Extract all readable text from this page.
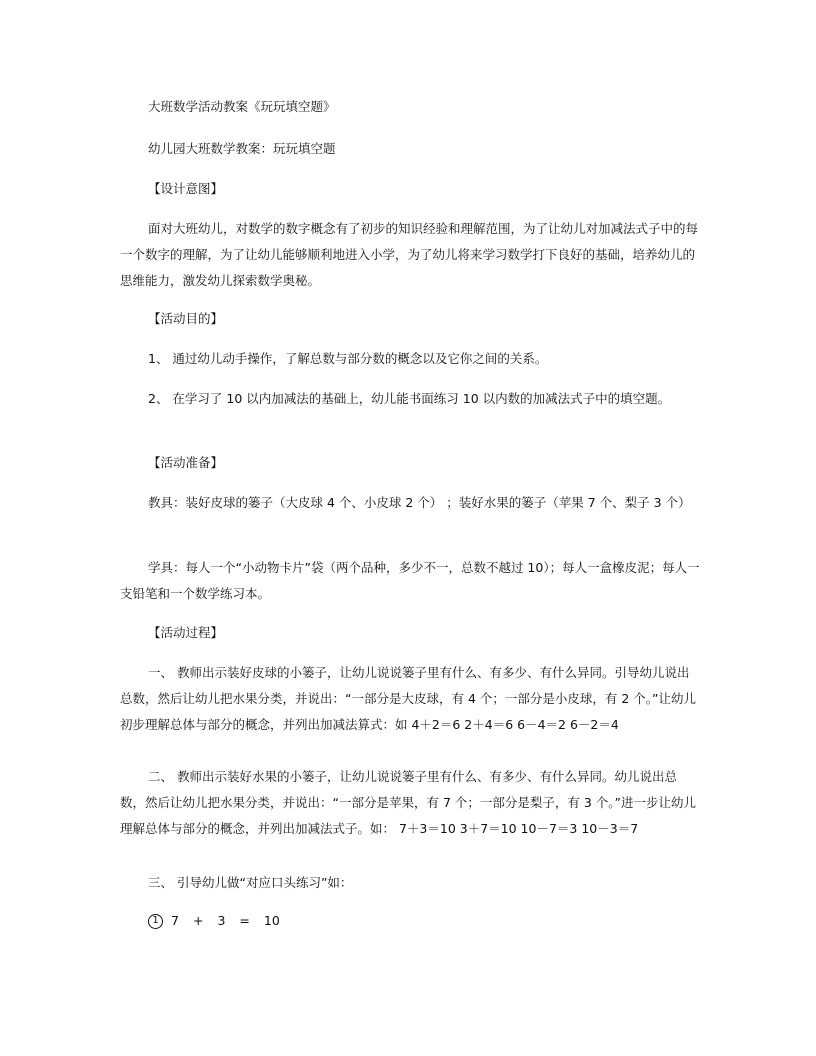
大班数学活动教案《玩玩填空题》

幼儿园大班数学教案：玩玩填空题

【设计意图】

面对大班幼儿，对数学的数字概念有了初步的知识经验和理解范围，为了让幼儿对加减法式子中的每一个数字的理解，为了让幼儿能够顺利地进入小学，为了幼儿将来学习数学打下良好的基础，培养幼儿的思维能力，激发幼儿探索数学奥秘。

【活动目的】

1、 通过幼儿动手操作，了解总数与部分数的概念以及它你之间的关系。

2、 在学习了 10 以内加减法的基础上，幼儿能书面练习 10 以内数的加减法式子中的填空题。

【活动准备】

教具：装好皮球的篓子（大皮球 4 个、小皮球 2 个） ；装好水果的篓子（苹果 7 个、梨子 3 个）

学具：每人一个“小动物卡片”袋（两个品种，多少不一，总数不越过 10）；每人一盒橡皮泥；每人一支铅笔和一个数学练习本。

【活动过程】

一、 教师出示装好皮球的小篓子，让幼儿说说篓子里有什么、有多少、有什么异同。引导幼儿说出总数，然后让幼儿把水果分类，并说出：“一部分是大皮球，有 4 个；一部分是小皮球，有 2 个。”让幼儿初步理解总体与部分的概念，并列出加减法算式：如 4＋2＝6 2＋4＝6 6－4＝2 6－2＝4

二、 教师出示装好水果的小篓子，让幼儿说说篓子里有什么、有多少、有什么异同。幼儿说出总数，然后让幼儿把水果分类，并说出：“一部分是苹果，有 7 个；一部分是梨子，有 3 个。”进一步让幼儿理解总体与部分的概念，并列出加减法式子。如： 7＋3＝10 3＋7＝10 10－7＝3 10－3＝7

三、 引导幼儿做“对应口头练习”如：

1 7 + 3 = 10
